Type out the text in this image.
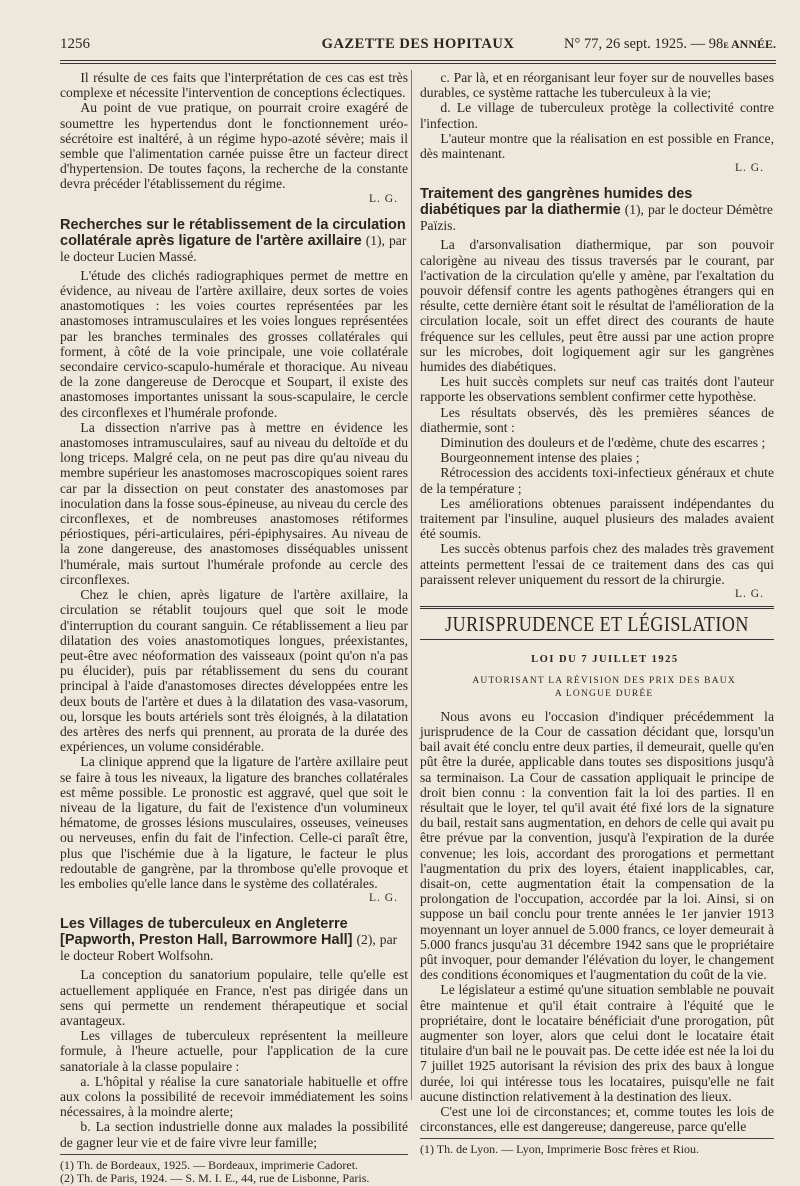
1256	GAZETTE DES HOPITAUX	N° 77, 26 sept. 1925. — 98e ANNÉE.

Il résulte de ces faits que l'interprétation de ces cas est très complexe et nécessite l'intervention de conceptions éclectiques.

Au point de vue pratique, on pourrait croire exagéré de soumettre les hypertendus dont le fonctionnement uréo-sécrétoire est inaltéré, à un régime hypo-azoté sévère; mais il semble que l'alimentation carnée puisse être un facteur direct d'hypertension. De toutes façons, la recherche de la constante devra précéder l'établissement du régime.

L. G.
Recherches sur le rétablissement de la circulation collatérale après ligature de l'artère axillaire (1), par le docteur Lucien Massé.

L'étude des clichés radiographiques permet de mettre en évidence, au niveau de l'artère axillaire, deux sortes de voies anastomotiques : les voies courtes représentées par les anastomoses intramusculaires et les voies longues représentées par les branches terminales des grosses collatérales qui forment, à côté de la voie principale, une voie collatérale secondaire cervico-scapulo-humérale et thoracique. Au niveau de la zone dangereuse de Derocque et Soupart, il existe des anastomoses importantes unissant la sous-scapulaire, le cercle des circonflexes et l'humérale profonde.

La dissection n'arrive pas à mettre en évidence les anastomoses intramusculaires, sauf au niveau du deltoïde et du long triceps. Malgré cela, on ne peut pas dire qu'au niveau du membre supérieur les anastomoses macroscopiques soient rares car par la dissection on peut constater des anastomoses par inoculation dans la fosse sous-épineuse, au niveau du cercle des circonflexes, et de nombreuses anastomoses rétiformes périostiques, péri-articulaires, péri-épiphysaires. Au niveau de la zone dangereuse, des anastomoses disséquables unissent l'humérale, mais surtout l'humérale profonde au cercle des circonflexes.

Chez le chien, après ligature de l'artère axillaire, la circulation se rétablit toujours quel que soit le mode d'interruption du courant sanguin. Ce rétablissement a lieu par dilatation des voies anastomotiques longues, préexistantes, peut-être avec néoformation des vaisseaux (point qu'on n'a pas pu élucider), puis par rétablissement du sens du courant principal à l'aide d'anastomoses directes développées entre les deux bouts de l'artère et dues à la dilatation des vasa-vasorum, ou, lorsque les bouts artériels sont très éloignés, à la dilatation des artères des nerfs qui prennent, au prorata de la durée des expériences, un volume considérable.

La clinique apprend que la ligature de l'artère axillaire peut se faire à tous les niveaux, la ligature des branches collatérales est même possible. Le pronostic est aggravé, quel que soit le niveau de la ligature, du fait de l'existence d'un volumineux hématome, de grosses lésions musculaires, osseuses, veineuses ou nerveuses, enfin du fait de l'infection. Celle-ci paraît être, plus que l'ischémie due à la ligature, le facteur le plus redoutable de gangrène, par la thrombose qu'elle provoque et les embolies qu'elle lance dans le système des collatérales.

L. G.
Les Villages de tuberculeux en Angleterre [Papworth, Preston Hall, Barrowmore Hall] (2), par le docteur Robert Wolfsohn.

La conception du sanatorium populaire, telle qu'elle est actuellement appliquée en France, n'est pas dirigée dans un sens qui permette un rendement thérapeutique et social avantageux.

Les villages de tuberculeux représentent la meilleure formule, à l'heure actuelle, pour l'application de la cure sanatoriale à la classe populaire :

a. L'hôpital y réalise la cure sanatoriale habituelle et offre aux colons la possibilité de recevoir immédiatement les soins nécessaires, à la moindre alerte;

b. La section industrielle donne aux malades la possibilité de gagner leur vie et de faire vivre leur famille;

(1) Th. de Bordeaux, 1925. — Bordeaux, imprimerie Cadoret.
(2) Th. de Paris, 1924. — S. M. I. E., 44, rue de Lisbonne, Paris.

c. Par là, et en réorganisant leur foyer sur de nouvelles bases durables, ce système rattache les tuberculeux à la vie;

d. Le village de tuberculeux protège la collectivité contre l'infection.

L'auteur montre que la réalisation en est possible en France, dès maintenant.

L. G.
Traitement des gangrènes humides des diabétiques par la diathermie (1), par le docteur Démètre Païzis.

La d'arsonvalisation diathermique, par son pouvoir calorigène au niveau des tissus traversés par le courant, par l'activation de la circulation qu'elle y amène, par l'exaltation du pouvoir défensif contre les agents pathogènes étrangers qui en résulte, cette dernière étant soit le résultat de l'amélioration de la circulation locale, soit un effet direct des courants de haute fréquence sur les cellules, peut être aussi par une action propre sur les microbes, doit logiquement agir sur les gangrènes humides des diabétiques.

Les huit succès complets sur neuf cas traités dont l'auteur rapporte les observations semblent confirmer cette hypothèse.

Les résultats observés, dès les premières séances de diathermie, sont :

Diminution des douleurs et de l'œdème, chute des escarres ;

Bourgeonnement intense des plaies ;

Rétrocession des accidents toxi-infectieux généraux et chute de la température ;

Les améliorations obtenues paraissent indépendantes du traitement par l'insuline, auquel plusieurs des malades avaient été soumis.

Les succès obtenus parfois chez des malades très gravement atteints permettent l'essai de ce traitement dans des cas qui paraissent relever uniquement du ressort de la chirurgie.

L. G.
JURISPRUDENCE ET LÉGISLATION

LOI DU 7 JUILLET 1925

AUTORISANT LA RÉVISION DES PRIX DES BAUX

A LONGUE DURÉE

Nous avons eu l'occasion d'indiquer précédemment la jurisprudence de la Cour de cassation décidant que, lorsqu'un bail avait été conclu entre deux parties, il demeurait, quelle qu'en pût être la durée, applicable dans toutes ses dispositions jusqu'à sa terminaison. La Cour de cassation appliquait le principe de droit bien connu : la convention fait la loi des parties. Il en résultait que le loyer, tel qu'il avait été fixé lors de la signature du bail, restait sans augmentation, en dehors de celle qui avait pu être prévue par la convention, jusqu'à l'expiration de la durée convenue; les lois, accordant des prorogations et permettant l'augmentation du prix des loyers, étaient inapplicables, car, disait-on, cette augmentation était la compensation de la prolongation de l'occupation, accordée par la loi. Ainsi, si on suppose un bail conclu pour trente années le 1er janvier 1913 moyennant un loyer annuel de 5.000 francs, ce loyer demeurait à 5.000 francs jusqu'au 31 décembre 1942 sans que le propriétaire pût invoquer, pour demander l'élévation du loyer, le changement des conditions économiques et l'augmentation du coût de la vie.

Le législateur a estimé qu'une situation semblable ne pouvait être maintenue et qu'il était contraire à l'équité que le propriétaire, dont le locataire bénéficiait d'une prorogation, pût augmenter son loyer, alors que celui dont le locataire était titulaire d'un bail ne le pouvait pas. De cette idée est née la loi du 7 juillet 1925 autorisant la révision des prix des baux à longue durée, loi qui intéresse tous les locataires, puisqu'elle ne fait aucune distinction relativement à la destination des lieux.

C'est une loi de circonstances; et, comme toutes les lois de circonstances, elle est dangereuse; dangereuse, parce qu'elle

(1) Th. de Lyon. — Lyon, Imprimerie Bosc frères et Riou.
